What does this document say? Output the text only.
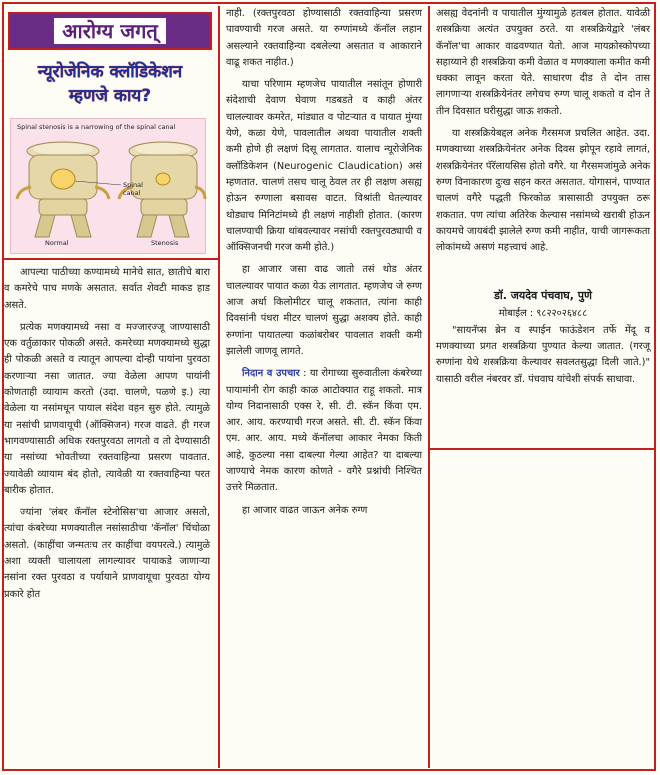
आरोग्य जगत्
न्यूरोजेनिक क्लॉडिकेशन
म्हणजे काय?
Spinal stenosis is a narrowing of the spinal canal
Spinal
canal
Normal	Stenosis

आपल्या पाठीच्या कण्यामध्ये मानेचे सात, छातीचे बारा व कमरेचे पाच मणके असतात. सर्वात शेवटी माकड हाड असते.

प्रत्येक मणक्यामध्ये नसा व मज्जारज्जू जाण्यासाठी एक वर्तुळाकार पोकळी असते. कमरेच्या मणक्यामध्ये सुद्धा ही पोकळी असते व त्यातून आपल्या दोन्ही पायांना पुरवठा करणाऱ्या नसा जातात. ज्या वेळेला आपण पायांनी कोणताही व्यायाम करतो (उदा. चालणे, पळणे इ.) त्या वेळेला या नसांमधून पायाल संदेश वहन सुरु होते. त्यामुळे या नसांची प्राणवायूची (ऑक्सिजन) गरज वाढते. ही गरज भागवण्यासाठी अधिक रक्तपुरवठा लागतो व तो देण्यासाठी या नसांच्या भोवतीच्या रक्तवाहिन्या प्रसरण पावतात. ज्यावेळी व्यायाम बंद होतो, त्यावेळी या रक्तवाहिन्या परत बारीक होतात.

ज्यांना 'लंबर कॅनॉल स्टेनोसिस'चा आजार असतो, त्यांचा कंबरेच्या मणक्यातील नसांसाठीचा 'कॅनॉल' चिंचोळा असतो. (काहींचा जन्मतःच तर काहींचा वयपरत्वे.) त्यामुळे अशा व्यक्ती चालायला लागल्यावर पायाकडे जाणाऱ्या नसांना रक्त पुरवठा व पर्यायाने प्राणवायूचा पुरवठा योग्य प्रकारे होत

नाही. (रक्तपुरवठा होण्यासाठी रक्तवाहिन्या प्रसरण पावण्याची गरज असते. या रुग्णांमध्ये कॅनॉल लहान असल्याने रक्तवाहिन्या दबलेल्या असतात व आकाराने वाढू शकत नाहीत.)

याचा परिणाम म्हणजेच पायातील नसांतून होणारी संदेशाची देवाण घेवाण गडबडते व काही अंतर चालल्यावर कमरेत, मांड्यात व पोटऱ्यात व पायात मुंग्या येणे, कळा येणे, पावलातील अथवा पायातील शक्ती कमी होणे ही लक्षणं दिसू लागतात. यालाच न्यूरोजेनिक क्लॉडिकेशन (Neurogenic Claudication) असं म्हणतात. चालणं तसच चालू ठेवल तर ही लक्षण असह्य होऊन रुग्णाला बसावस वाटत. विश्रांती घेतल्यावर थोड्याच मिनिटांमध्ये ही लक्षणं नाहीशी होतात. (कारण चालण्याची क्रिया थांबवल्यावर नसांची रक्तपुरवठ्याची व ऑक्सिजनची गरज कमी होते.)

हा आजार जसा वाढ जातो तसं थोड अंतर चालल्यावर पायात कळा येऊ लागतात. म्हणजेच जे रुग्ण आज अर्धा किलोमीटर चालू शकतात, त्यांना काही दिवसांनी पंधरा मीटर चालणं सुद्धा अशक्य होते. काही रुग्णांना पायातल्या कळांबरोबर पावलात शक्ती कमी झालेली जाणवू लागते.

निदान व उपचार : या रोगाच्या सुरुवातीला कंबरेच्या पायामांनी रोग काही काळ आटोक्यात राहू शकतो. मात्र योग्य निदानासाठी एक्स रे, सी. टी. स्कॅन किंवा एम. आर. आय. करण्याची गरज असते. सी. टी. स्कॅन किंवा एम. आर. आय. मध्ये कॅनॉलचा आकार नेमका किती आहे, कुठल्या नसा दाबल्या गेल्या आहेत? या दाबल्या जाण्याचे नेमक कारण कोणते - वगैरे प्रश्नांची निश्चित उत्तरे मिळतात.

हा आजार वाढत जाऊन अनेक रुग्ण

असह्य वेदनांनी व पायातील मुंग्यामुळे हतबल होतात. यावेळी शस्त्रक्रिया अत्यंत उपयुक्त ठरते. या शस्त्रक्रियेद्वारे 'लंबर कॅनॉल'चा आकार वाढवण्यात येतो. आज मायक्रोस्कोपच्या सहाय्याने ही शस्त्रक्रिया कमी वेळात व मणक्याला कमीत कमी धक्का लावून करता येते. साधारण दीड ते दोन तास लागणाऱ्या शस्त्रक्रियेनंतर लगेचच रुग्ण चालू शकतो व दोन ते तीन दिवसात घरीसुद्धा जाऊ शकतो.

या शस्त्रक्रियेबद्दल अनेक गैरसमज प्रचलित आहेत. उदा. मणक्याच्या शस्त्रक्रियेनंतर अनेक दिवस झोपून रहावे लागतं, शस्त्रक्रियेनंतर पॅरॅलायसिस होतो वगैरे. या गैरसमजांमुळे अनेक रुग्ण विनाकारण दुःख सहन करत असतात. योगासनं, पाण्यात चालणं वगैरे पद्धती फिरकोळ त्रासासाठी उपयुक्त ठरू शकतात. पण त्यांचा अतिरेक केल्यास नसांमध्ये खराबी होऊन कायमचे जायबंदी झालेले रुग्ण कमी नाहीत, याची जागरूकता लोकांमध्ये असणं महत्त्वाचं आहे.

डॉ. जयदेव पंचवाघ, पुणे
मोबाईल : ९८२२०२६४८८

"सायनॅप्स ब्रेन व स्पाईन फाऊंडेशन तर्फे मेंदू व मणक्याच्या प्रगत शस्त्रक्रिया पुण्यात केल्या जातात. (गरजू रुग्णांना येथे शस्त्रक्रिया केल्यावर सवलतसुद्धा दिली जाते.)" यासाठी वरील नंबरवर डॉ. पंचवाघ यांचेशी संपर्क साधावा.
